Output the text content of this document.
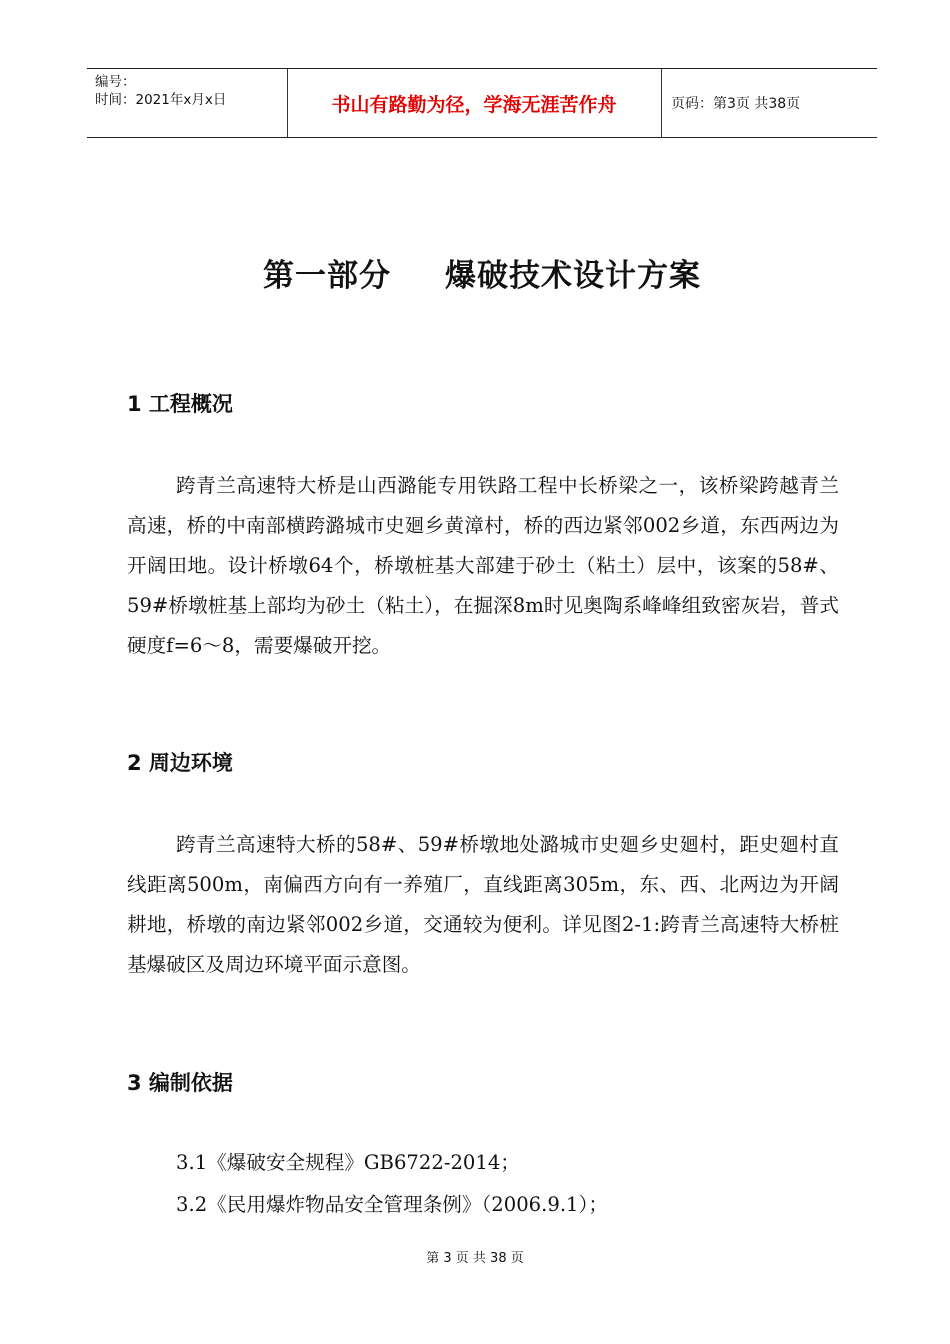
编号：
时间：2021年x月x日	书山有路勤为径，学海无涯苦作舟	页码：第3页 共38页
第一部分 爆破技术设计方案
1 工程概况

跨青兰高速特大桥是山西潞能专用铁路工程中长桥梁之一，该桥梁跨越青兰高速，桥的中南部横跨潞城市史廻乡黄漳村，桥的西边紧邻002乡道，东西两边为开阔田地。设计桥墩64个，桥墩桩基大部建于砂土（粘土）层中，该案的58#、59#桥墩桩基上部均为砂土（粘土），在掘深8m时见奥陶系峰峰组致密灰岩，普式硬度f=6～8，需要爆破开挖。

2 周边环境

跨青兰高速特大桥的58#、59#桥墩地处潞城市史廻乡史廻村，距史廻村直线距离500m，南偏西方向有一养殖厂，直线距离305m，东、西、北两边为开阔耕地，桥墩的南边紧邻002乡道，交通较为便利。详见图2-1:跨青兰高速特大桥桩基爆破区及周边环境平面示意图。

3 编制依据
3.1《爆破安全规程》GB6722-2014；
3.2《民用爆炸物品安全管理条例》（2006.9.1）；
第 3 页 共 38 页
